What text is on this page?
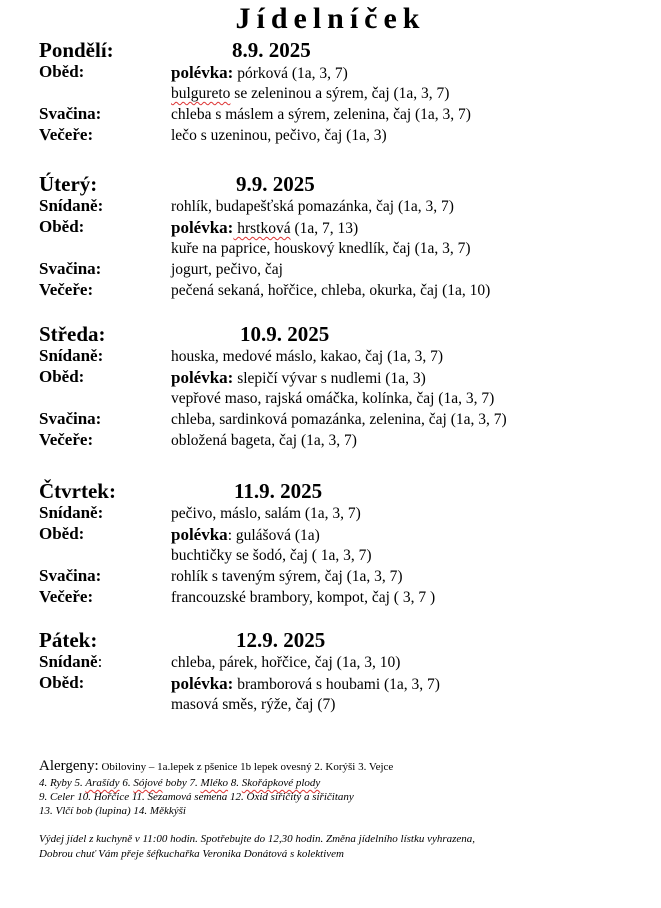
Jídelníček
Pondělí:	8.9. 2025
Oběd:	polévka: pórková (1a, 3, 7)
bulgureto se zeleninou a sýrem, čaj (1a, 3, 7)
Svačina:	chleba s máslem a sýrem, zelenina, čaj (1a, 3, 7)
Večeře:	lečo s uzeninou, pečivo, čaj (1a, 3)
Úterý:	9.9. 2025
Snídaně:	rohlík, budapešťská pomazánka, čaj (1a, 3, 7)
Oběd:	polévka: hrstková (1a, 7, 13)
kuře na paprice, houskový knedlík, čaj (1a, 3, 7)
Svačina:	jogurt, pečivo, čaj
Večeře:	pečená sekaná, hořčice, chleba, okurka, čaj (1a, 10)
Středa:	10.9. 2025
Snídaně:	houska, medové máslo, kakao, čaj (1a, 3, 7)
Oběd:	polévka: slepičí vývar s nudlemi (1a, 3)
vepřové maso, rajská omáčka, kolínka, čaj (1a, 3, 7)
Svačina:	chleba, sardinková pomazánka, zelenina, čaj (1a, 3, 7)
Večeře:	obložená bageta, čaj (1a, 3, 7)
Čtvrtek:	11.9. 2025
Snídaně:	pečivo, máslo, salám (1a, 3, 7)
Oběd:	polévka: gulášová (1a)
buchtičky se šodó, čaj ( 1a, 3, 7)
Svačina:	rohlík s taveným sýrem, čaj (1a, 3, 7)
Večeře:	francouzské brambory, kompot, čaj ( 3, 7 )
Pátek:	12.9. 2025
Snídaně:	chleba, párek, hořčice, čaj (1a, 3, 10)
Oběd:	polévka: bramborová s houbami (1a, 3, 7)
masová směs, rýže, čaj (7)
Alergeny: Obiloviny – 1a.lepek z pšenice 1b lepek ovesný 2. Korýši 3. Vejce
4. Ryby 5. Arašídy 6. Sójové boby 7. Mléko 8. Skořápkové plody
9. Celer 10. Hořčice 11. Sezamová semena 12. Oxid siřičitý a siřičitany
13. Vlčí bob (lupina) 14. Měkkýši
Výdej jídel z kuchyně v 11:00 hodin. Spotřebujte do 12,30 hodin. Změna jídelního lístku vyhrazena,
Dobrou chuť Vám přeje šéfkuchařka Veronika Donátová s kolektivem
